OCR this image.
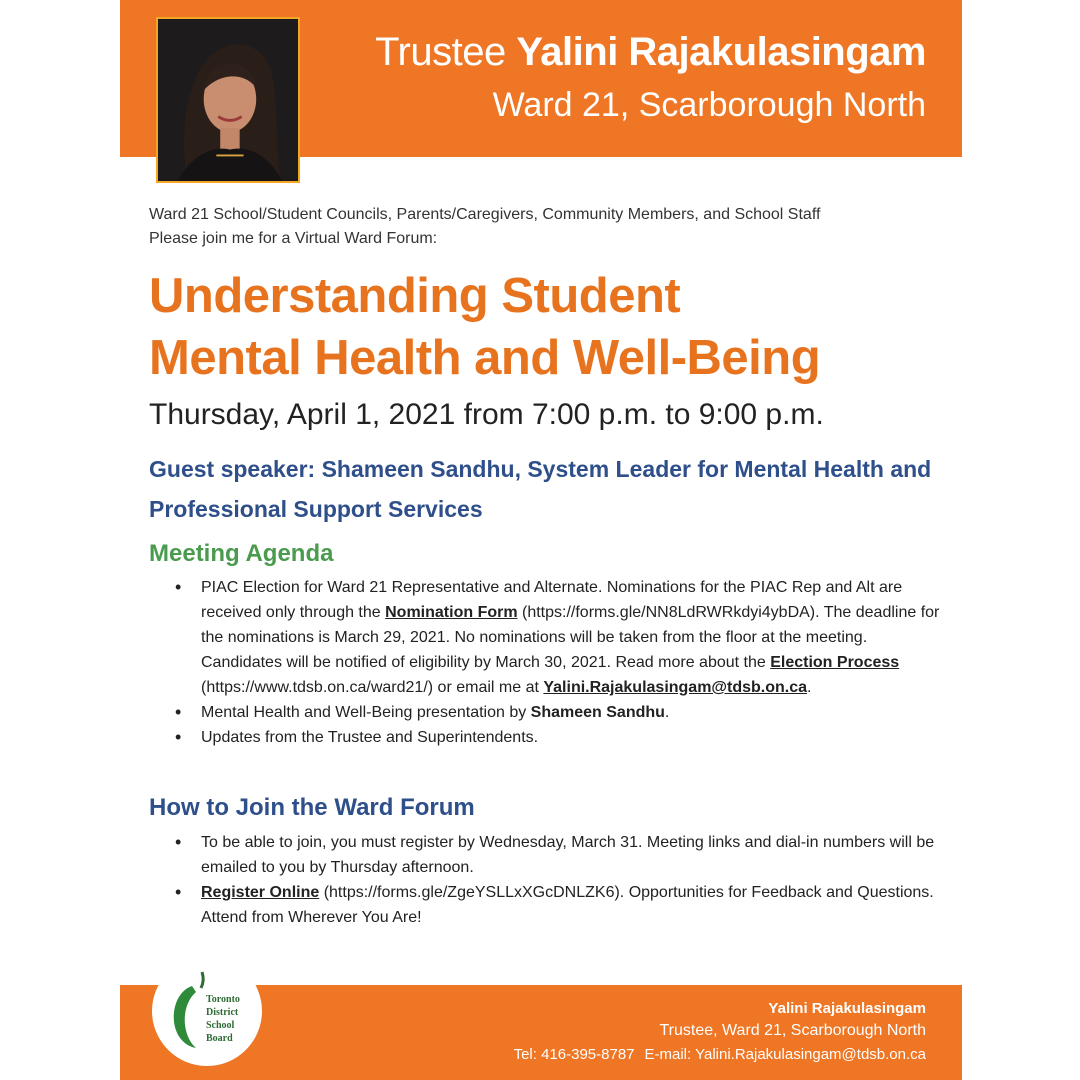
Trustee Yalini Rajakulasingam
Ward 21, Scarborough North
Ward 21 School/Student Councils, Parents/Caregivers, Community Members, and School Staff
Please join me for a Virtual Ward Forum:
Understanding Student
Mental Health and Well-Being
Thursday, April 1, 2021 from 7:00 p.m. to 9:00 p.m.
Guest speaker: Shameen Sandhu, System Leader for Mental Health and Professional Support Services
Meeting Agenda
• PIAC Election for Ward 21 Representative and Alternate. Nominations for the PIAC Rep and Alt are received only through the Nomination Form (https://forms.gle/NN8LdRWRkdyi4ybDA). The deadline for the nominations is March 29, 2021. No nominations will be taken from the floor at the meeting. Candidates will be notified of eligibility by March 30, 2021. Read more about the Election Process (https://www.tdsb.on.ca/ward21/) or email me at Yalini.Rajakulasingam@tdsb.on.ca.
• Mental Health and Well-Being presentation by Shameen Sandhu.
• Updates from the Trustee and Superintendents.
How to Join the Ward Forum
• To be able to join, you must register by Wednesday, March 31. Meeting links and dial-in numbers will be emailed to you by Thursday afternoon.
• Register Online (https://forms.gle/ZgeYSLLxXGcDNLZK6). Opportunities for Feedback and Questions. Attend from Wherever You Are!
Yalini Rajakulasingam
Trustee, Ward 21, Scarborough North
Tel: 416-395-8787 E-mail: Yalini.Rajakulasingam@tdsb.on.ca
Toronto
District
School
Board
